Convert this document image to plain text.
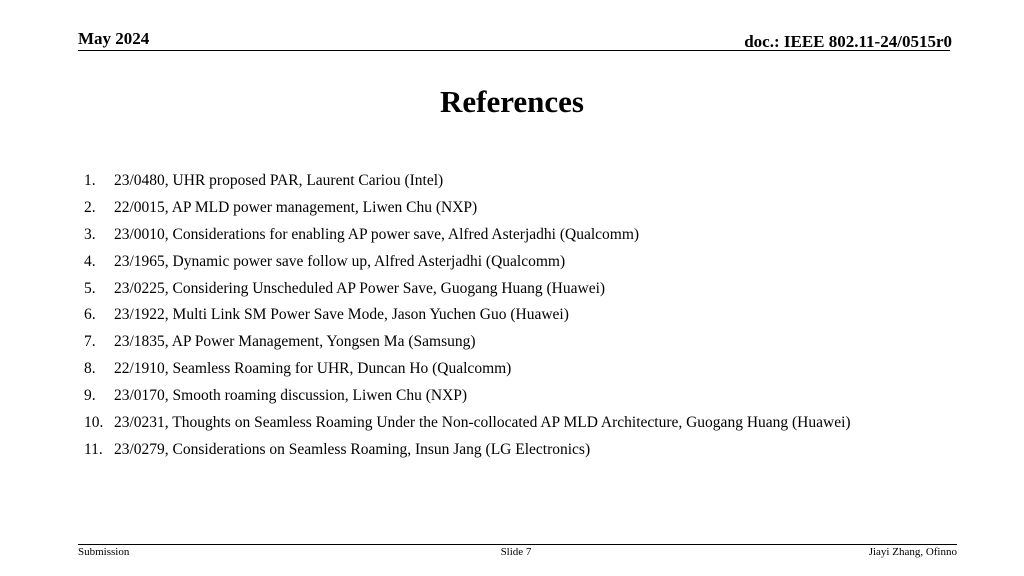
May 2024	doc.: IEEE 802.11-24/0515r0
References
1. 23/0480, UHR proposed PAR, Laurent Cariou (Intel)
2. 22/0015, AP MLD power management, Liwen Chu (NXP)
3. 23/0010, Considerations for enabling AP power save, Alfred Asterjadhi (Qualcomm)
4. 23/1965, Dynamic power save follow up, Alfred Asterjadhi (Qualcomm)
5. 23/0225, Considering Unscheduled AP Power Save, Guogang Huang (Huawei)
6. 23/1922, Multi Link SM Power Save Mode, Jason Yuchen Guo (Huawei)
7. 23/1835, AP Power Management, Yongsen Ma (Samsung)
8. 22/1910, Seamless Roaming for UHR, Duncan Ho (Qualcomm)
9. 23/0170, Smooth roaming discussion, Liwen Chu (NXP)
10. 23/0231, Thoughts on Seamless Roaming Under the Non-collocated AP MLD Architecture, Guogang Huang (Huawei)
11. 23/0279, Considerations on Seamless Roaming, Insun Jang (LG Electronics)
Submission	Slide 7	Jiayi Zhang, Ofinno
